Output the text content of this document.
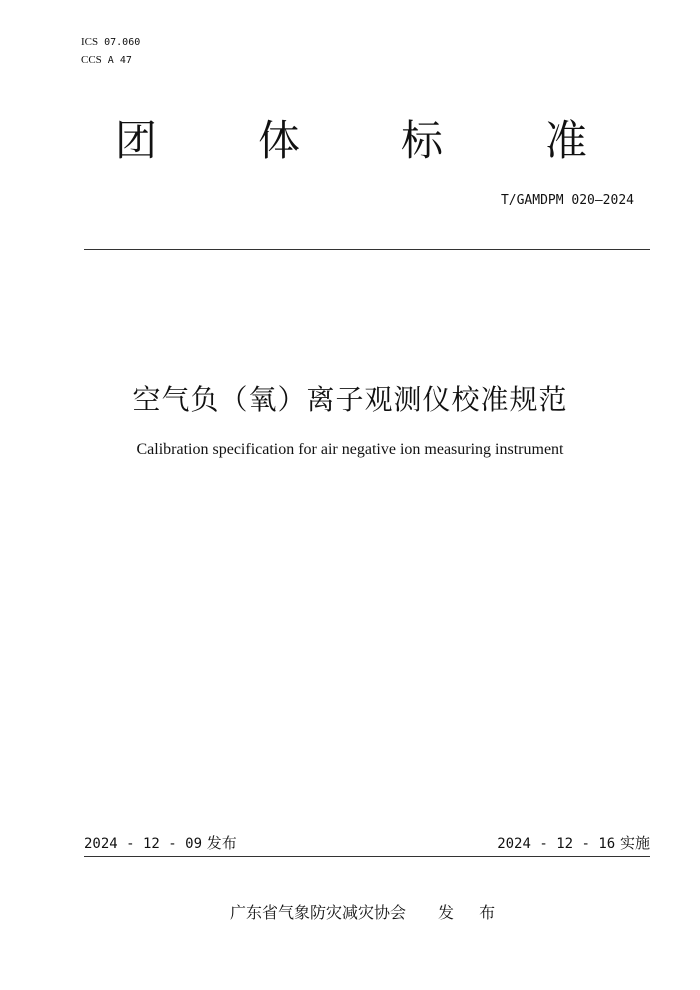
ICS 07.060
CCS A 47
团 体 标 准
T/GAMDPM 020—2024
空气负（氧）离子观测仪校准规范
Calibration specification for air negative ion measuring instrument
2024 - 12 - 09 发布	2024 - 12 - 16 实施
广东省气象防灾减灾协会 发 布
